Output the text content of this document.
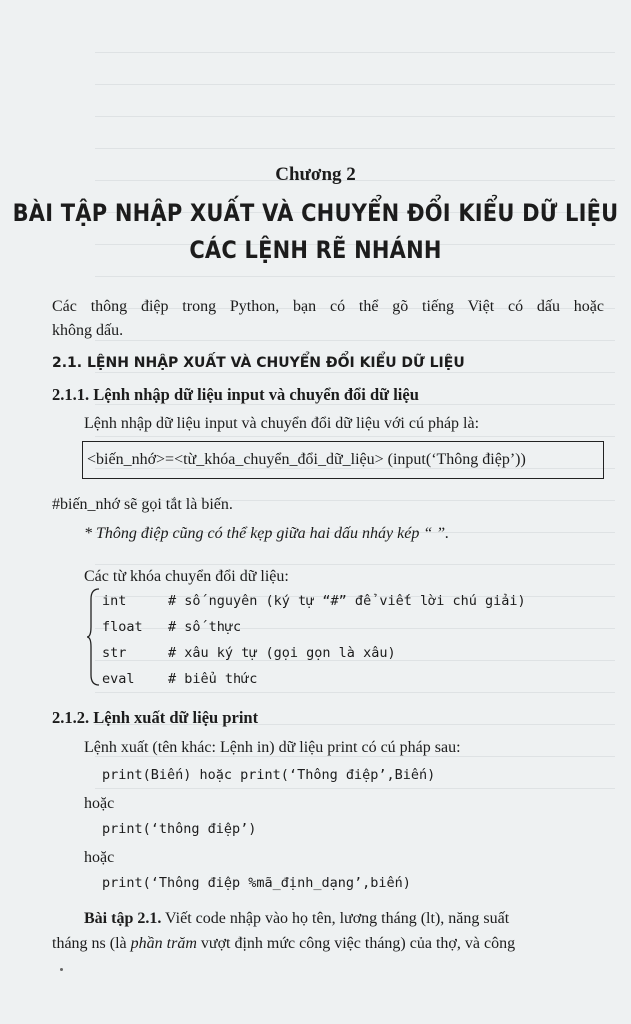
Chương 2
BÀI TẬP NHẬP XUẤT VÀ CHUYỂN ĐỔI KIỂU DỮ LIỆU
CÁC LỆNH RẼ NHÁNH
Các thông điệp trong Python, bạn có thể gõ tiếng Việt có dấu hoặc
không dấu.
2.1. LỆNH NHẬP XUẤT VÀ CHUYỂN ĐỔI KIỂU DỮ LIỆU
2.1.1. Lệnh nhập dữ liệu input và chuyển đổi dữ liệu
Lệnh nhập dữ liệu input và chuyển đổi dữ liệu với cú pháp là:
<biến_nhớ>=<từ_khóa_chuyển_đổi_dữ_liệu> (input(‘Thông điệp’))
#biến_nhớ sẽ gọi tắt là biến.
* Thông điệp cũng có thể kẹp giữa hai dấu nháy kép “ ”.
Các từ khóa chuyển đổi dữ liệu:
int	# số nguyên (ký tự “#” để viết lời chú giải)
float # số thực
str	# xâu ký tự (gọi gọn là xâu)
eval # biểu thức
2.1.2. Lệnh xuất dữ liệu print
Lệnh xuất (tên khác: Lệnh in) dữ liệu print có cú pháp sau:
print(Biến) hoặc print(‘Thông điệp’,Biến)
hoặc
print(‘thông điệp’)
hoặc
print(‘Thông điệp %mã_định_dạng’,biến)
Bài tập 2.1. Viết code nhập vào họ tên, lương tháng (lt), năng suất
tháng ns (là phần trăm vượt định mức công việc tháng) của thợ, và công
